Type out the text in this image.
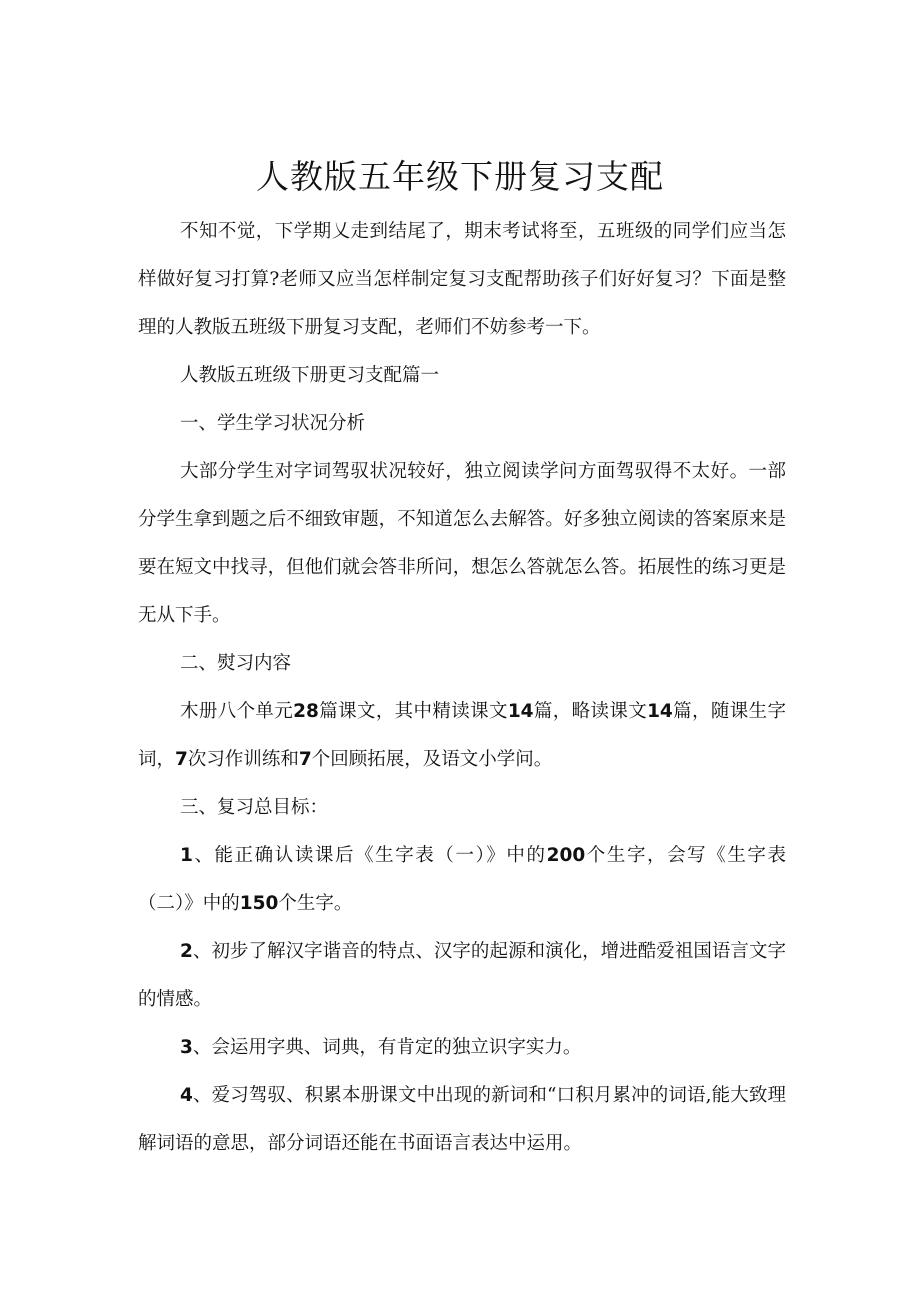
人教版五年级下册复习支配

不知不觉，下学期乂走到结尾了，期末考试将至，五班级的同学们应当怎样做好复习打算?老师又应当怎样制定复习支配帮助孩子们好好复习？下面是整理的人教版五班级下册复习支配，老师们不妨参考一下。

人教版五班级下册更习支配篇一

一、学生学习状况分析

大部分学生对字词驾驭状况较好，独立阅读学问方面驾驭得不太好。一部分学生拿到题之后不细致审题，不知道怎么去解答。好多独立阅读的答案原来是要在短文中找寻，但他们就会答非所问，想怎么答就怎么答。拓展性的练习更是无从下手。

二、熨习内容

木册八个单元28篇课文，其中精读课文14篇，略读课文14篇，随课生字词，7次习作训练和7个回顾拓展，及语文小学问。

三、复习总目标：

1、能正确认读课后《生字表（一）》中的200个生字，会写《生字表（二）》中的150个生字。

2、初步了解汉字谐音的特点、汉字的起源和演化，增进酷爱祖国语言文字的情感。

3、会运用字典、词典，有肯定的独立识字实力。

4、爱习驾驭、积累本册课文中出现的新词和“口积月累冲的词语,能大致理解词语的意思，部分词语还能在书面语言表达中运用。
